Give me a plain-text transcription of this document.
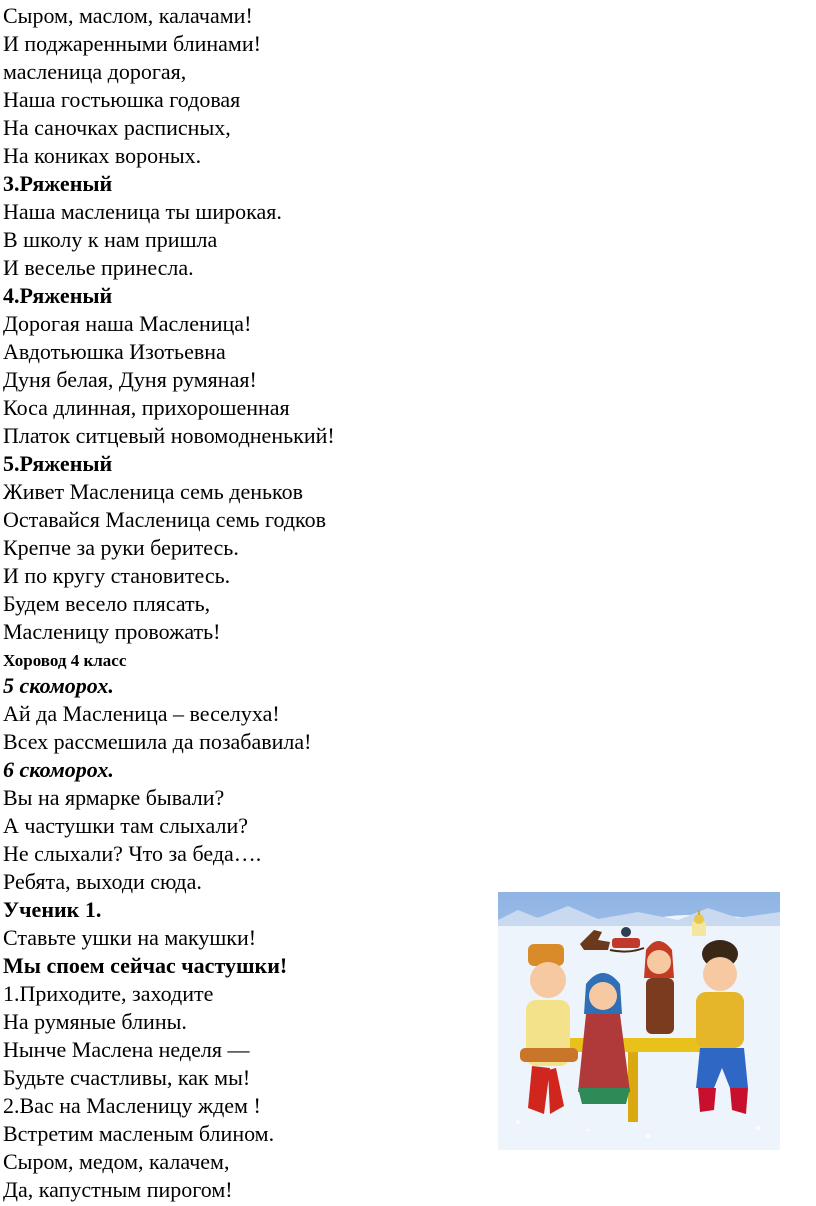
Сыром, маслом, калачами!
И поджаренными блинами!
масленица дорогая,
Наша гостьюшка годовая
На саночках расписных,
На кониках вороных.
3.Ряженый
Наша масленица ты широкая.
В школу к нам пришла
И веселье принесла.
4.Ряженый
Дорогая наша Масленица!
Авдотьюшка Изотьевна
Дуня белая, Дуня румяная!
Коса длинная, прихорошенная
Платок ситцевый новомодненький!
5.Ряженый
Живет Масленица семь деньков
Оставайся Масленица семь годков
Крепче за руки беритесь.
И по кругу становитесь.
Будем весело плясать,
Масленицу провожать!
Хоровод 4 класс
5 скоморох.
Ай да Масленица – веселуха!
Всех рассмешила да позабавила!
6 скоморох.
Вы на ярмарке бывали?
А частушки там слыхали?
Не слыхали? Что за беда….
Ребята, выходи сюда.
Ученик 1.
Ставьте ушки на макушки!
Мы споем сейчас частушки!
1.Приходите, заходите
На румяные блины.
Нынче Маслена неделя —
Будьте счастливы, как мы!
2.Вас на Масленицу ждем !
Встретим масленым блином.
Сыром, медом, калачем,
Да, капустным пирогом!
